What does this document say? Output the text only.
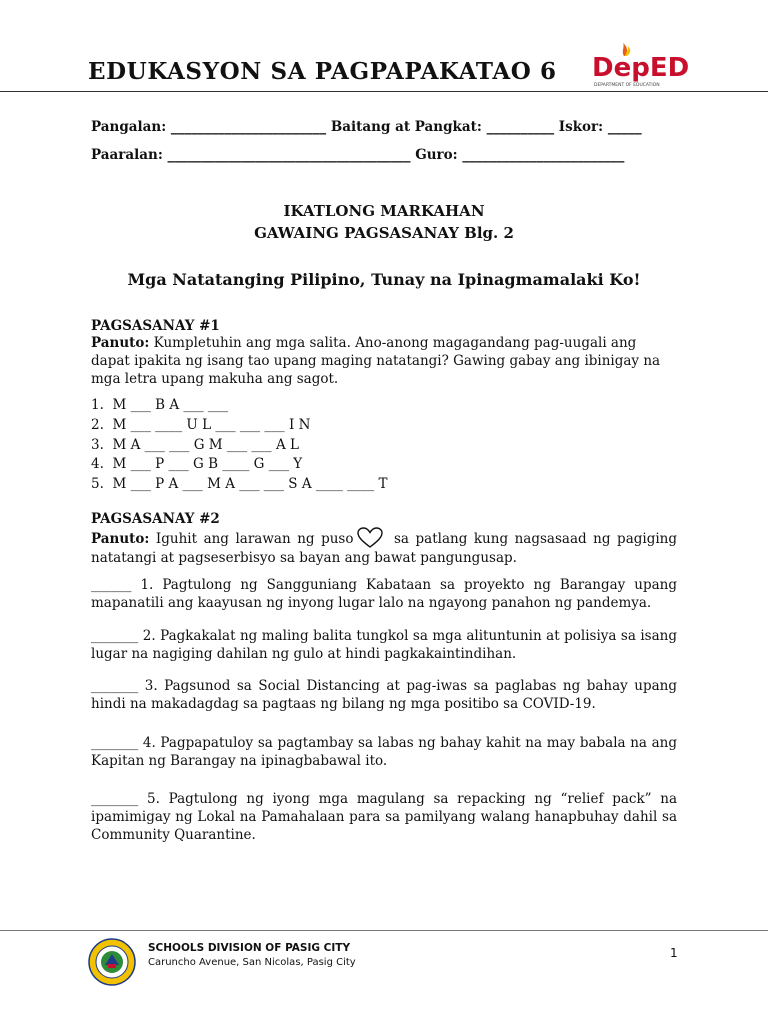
EDUKASYON SA PAGPAPAKATAO 6 DepED
DEPARTMENT OF EDUCATION
Pangalan: _______________________ Baitang at Pangkat: __________ Iskor: _____
Paaralan: ____________________________________ Guro: ________________________
IKATLONG MARKAHAN
GAWAING PAGSASANAY Blg. 2
Mga Natatanging Pilipino, Tunay na Ipinagmamalaki Ko!
PAGSASANAY #1
Panuto: Kumpletuhin ang mga salita. Ano-anong magagandang pag-uugali ang dapat ipakita ng isang tao upang maging natatangi? Gawing gabay ang ibinigay na mga letra upang makuha ang sagot.
1.  M ___ B A ___ ___
2.  M ___ ____ U L ___ ___ ___ I N
3.  M A ___ ___ G M ___ ___ A L
4.  M ___ P ___ G B ____ G ___ Y
5.  M ___ P A ___ M A ___ ___ S A ____ ____ T
PAGSASANAY #2
Panuto: Iguhit ang larawan ng puso	sa patlang kung nagsasaad ng pagiging natatangi at pagseserbisyo sa bayan ang bawat pangungusap.
______ 1. Pagtulong ng Sangguniang Kabataan sa proyekto ng Barangay upang mapanatili ang kaayusan ng inyong lugar lalo na ngayong panahon ng pandemya.
_______ 2. Pagkakalat ng maling balita tungkol sa mga alituntunin at polisiya sa isang lugar na nagiging dahilan ng gulo at hindi pagkakaintindihan.
_______ 3. Pagsunod sa Social Distancing at pag-iwas sa paglabas ng bahay upang hindi na makadagdag sa pagtaas ng bilang ng mga positibo sa COVID-19.
_______ 4. Pagpapatuloy sa pagtambay sa labas ng bahay kahit na may babala na ang Kapitan ng Barangay na ipinagbabawal ito.
_______ 5. Pagtulong ng iyong mga magulang sa repacking ng “relief pack” na ipamimigay ng Lokal na Pamahalaan para sa pamilyang walang hanapbuhay dahil sa Community Quarantine.
SCHOOLS DIVISION OF PASIG CITY
Caruncho Avenue, San Nicolas, Pasig City
1
